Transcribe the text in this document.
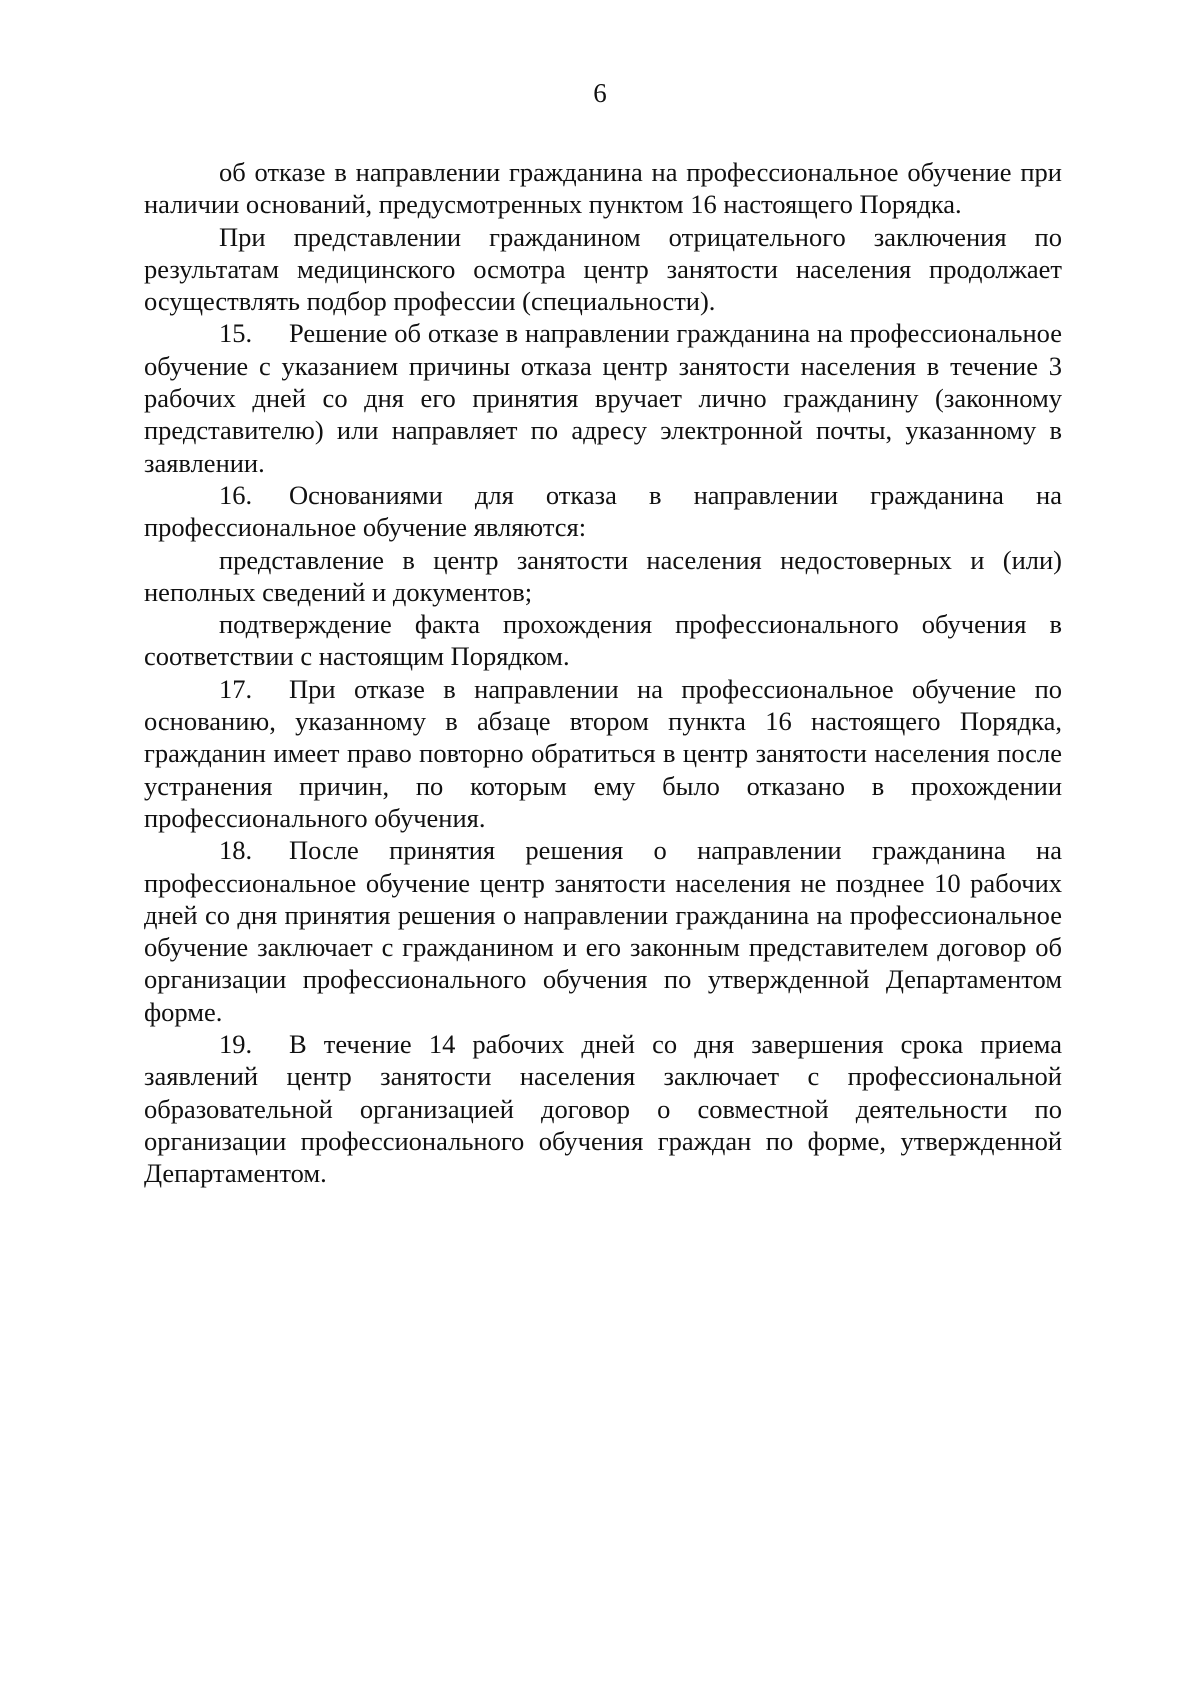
6

об отказе в направлении гражданина на профессиональное обучение при наличии оснований, предусмотренных пунктом 16 настоящего Порядка.

При представлении гражданином отрицательного заключения по результатам медицинского осмотра центр занятости населения продолжает осуществлять подбор профессии (специальности).

15. Решение об отказе в направлении гражданина на профессиональное обучение с указанием причины отказа центр занятости населения в течение 3 рабочих дней со дня его принятия вручает лично гражданину (законному представителю) или направляет по адресу электронной почты, указанному в заявлении.

16. Основаниями для отказа в направлении гражданина на профессиональное обучение являются:

представление в центр занятости населения недостоверных и (или) неполных сведений и документов;

подтверждение факта прохождения профессионального обучения в соответствии с настоящим Порядком.

17. При отказе в направлении на профессиональное обучение по основанию, указанному в абзаце втором пункта 16 настоящего Порядка, гражданин имеет право повторно обратиться в центр занятости населения после устранения причин, по которым ему было отказано в прохождении профессионального обучения.

18. После принятия решения о направлении гражданина на профессиональное обучение центр занятости населения не позднее 10 рабочих дней со дня принятия решения о направлении гражданина на профессиональное обучение заключает с гражданином и его законным представителем договор об организации профессионального обучения по утвержденной Департаментом форме.

19. В течение 14 рабочих дней со дня завершения срока приема заявлений центр занятости населения заключает с профессиональной образовательной организацией договор о совместной деятельности по организации профессионального обучения граждан по форме, утвержденной Департаментом.
